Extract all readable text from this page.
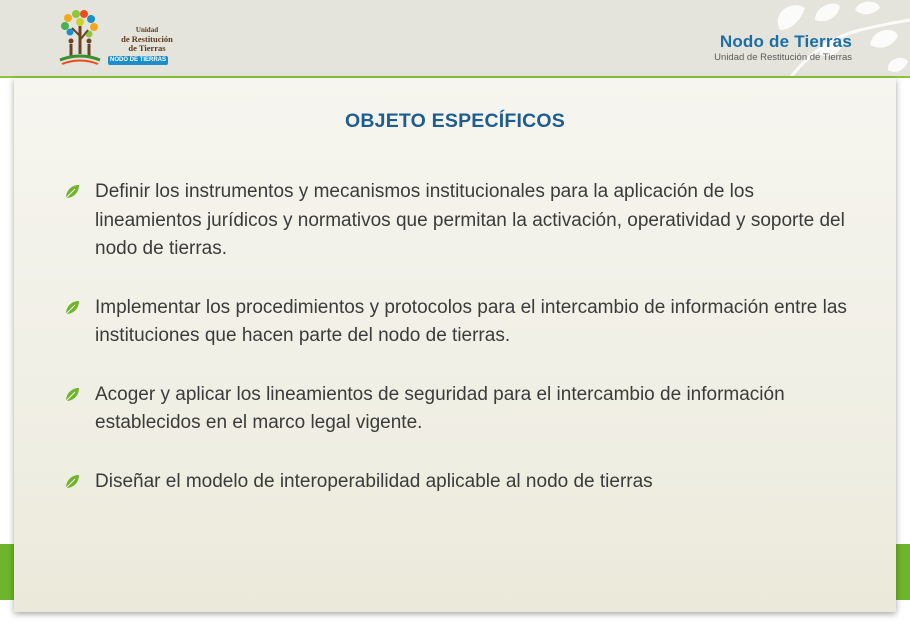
Unidad
de Restitución
de Tierras
NODO DE TIERRAS
Nodo de Tierras
Unidad de Restitución de Tierras
OBJETO ESPECÍFICOS
Definir los instrumentos y mecanismos institucionales para la aplicación de los lineamientos jurídicos y normativos que permitan la activación, operatividad y soporte del nodo de tierras.
Implementar los procedimientos y protocolos para el intercambio de información entre las instituciones que hacen parte del nodo de tierras.
Acoger y aplicar los lineamientos de seguridad para el intercambio de información establecidos en el marco legal vigente.
Diseñar el modelo de interoperabilidad aplicable al nodo de tierras
